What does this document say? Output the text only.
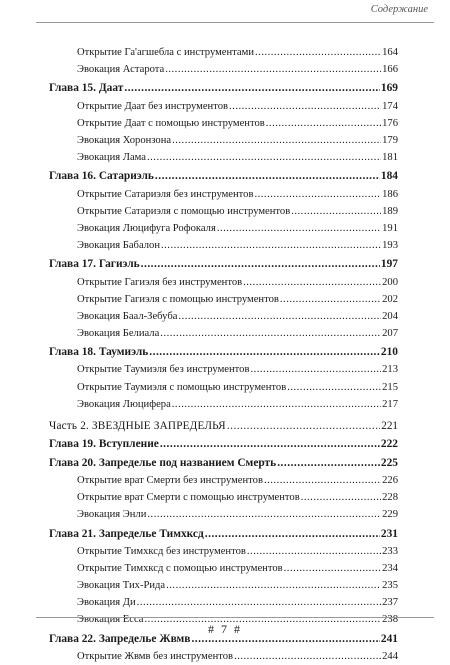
Содержание
Открытие Га'агшебла с инструментами .....	164
Эвокация Астарота .....	166
Глава 15. Даат .....	169
Открытие Даат без инструментов .....	174
Открытие Даат с помощью инструментов .....	176
Эвокация Хоронзона .....	179
Эвокация Лама .....	181
Глава 16. Сатариэль .....	184
Открытие Сатариэля без инструментов .....	186
Открытие Сатариэля с помощью инструментов .....	189
Эвокация Люцифуга Рофокаля .....	191
Эвокация Бабалон .....	193
Глава 17. Гагиэль .....	197
Открытие Гагиэля без инструментов .....	200
Открытие Гагиэля с помощью инструментов .....	202
Эвокация Баал-Зебуба .....	204
Эвокация Белиала .....	207
Глава 18. Таумиэль .....	210
Открытие Таумиэля без инструментов .....	213
Открытие Таумиэля с помощью инструментов .....	215
Эвокация Люцифера .....	217
Часть 2. ЗВЕЗДНЫЕ ЗАПРЕДЕЛЬЯ .....	221
Глава 19. Вступление .....	222
Глава 20. Запределье под названием Смерть .....	225
Открытие врат Смерти без инструментов .....	226
Открытие врат Смерти с помощью инструментов .....	228
Эвокация Энли .....	229
Глава 21. Запределье Тимхксд .....	231
Открытие Тимхксд без инструментов .....	233
Открытие Тимхксд с помощью инструментов .....	234
Эвокация Тих-Рида .....	235
Эвокация Ди .....	237
Эвокация Есса .....	238
Глава 22. Запределье Жвмв .....	241
Открытие Жвмв без инструментов .....	244
# 7 #
